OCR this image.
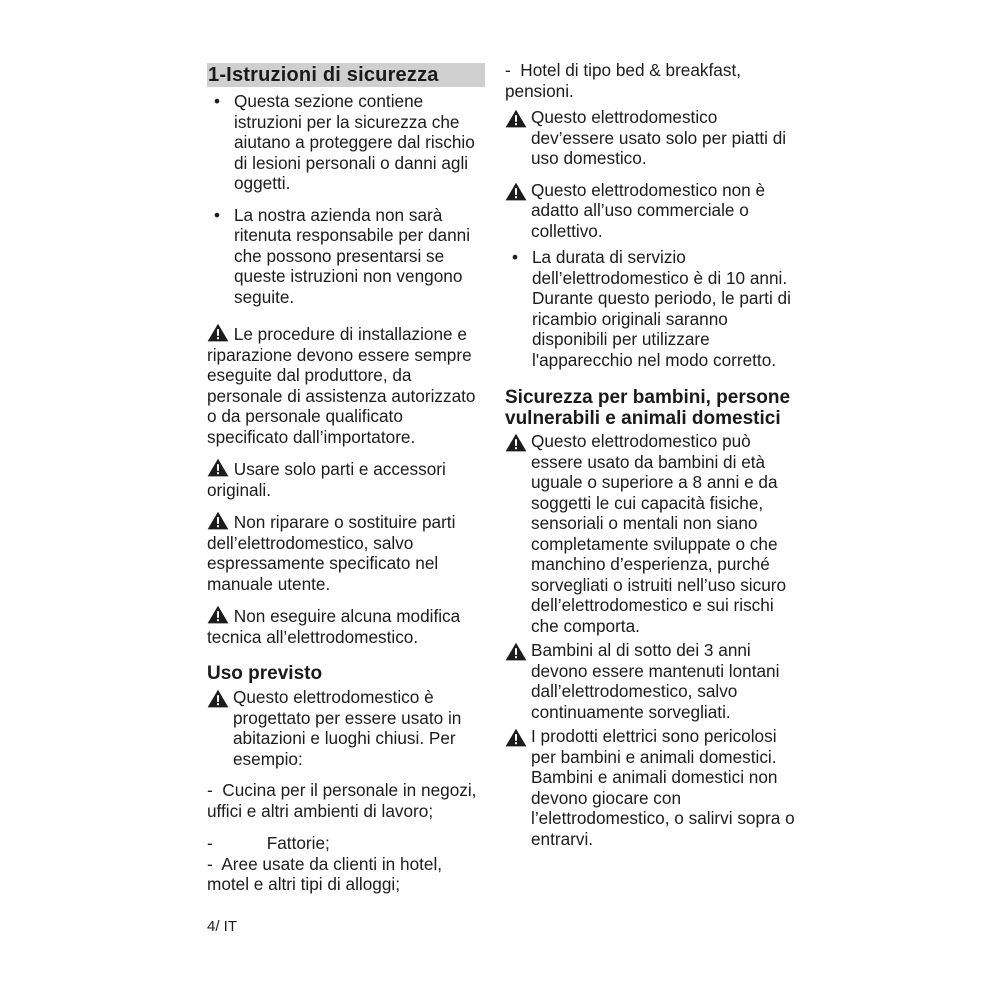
1-Istruzioni di sicurezza
• Questa sezione contiene istruzioni per la sicurezza che aiutano a proteggere dal rischio di lesioni personali o danni agli oggetti.
• La nostra azienda non sarà ritenuta responsabile per danni che possono presentarsi se queste istruzioni non vengono seguite.
Le procedure di installazione e riparazione devono essere sempre eseguite dal produttore, da personale di assistenza autorizzato o da personale qualificato specificato dall’importatore.
Usare solo parti e accessori originali.
Non riparare o sostituire parti dell’elettrodomestico, salvo espressamente specificato nel manuale utente.
Non eseguire alcuna modifica tecnica all’elettrodomestico.
Uso previsto
Questo elettrodomestico è progettato per essere usato in abitazioni e luoghi chiusi. Per esempio:
- Cucina per il personale in negozi, uffici e altri ambienti di lavoro;
-	Fattorie;
- Aree usate da clienti in hotel, motel e altri tipi di alloggi;
- Hotel di tipo bed & breakfast, pensioni.
Questo elettrodomestico dev’essere usato solo per piatti di uso domestico.
Questo elettrodomestico non è adatto all’uso commerciale o collettivo.
• La durata di servizio dell’elettrodomestico è di 10 anni. Durante questo periodo, le parti di ricambio originali saranno disponibili per utilizzare l'apparecchio nel modo corretto.
Sicurezza per bambini, persone vulnerabili e animali domestici
Questo elettrodomestico può essere usato da bambini di età uguale o superiore a 8 anni e da soggetti le cui capacità fisiche, sensoriali o mentali non siano completamente sviluppate o che manchino d’esperienza, purché sorvegliati o istruiti nell’uso sicuro dell’elettrodomestico e sui rischi che comporta.
Bambini al di sotto dei 3 anni devono essere mantenuti lontani dall’elettrodomestico, salvo continuamente sorvegliati.
I prodotti elettrici sono pericolosi per bambini e animali domestici. Bambini e animali domestici non devono giocare con l’elettrodomestico, o salirvi sopra o entrarvi.
4/ IT
